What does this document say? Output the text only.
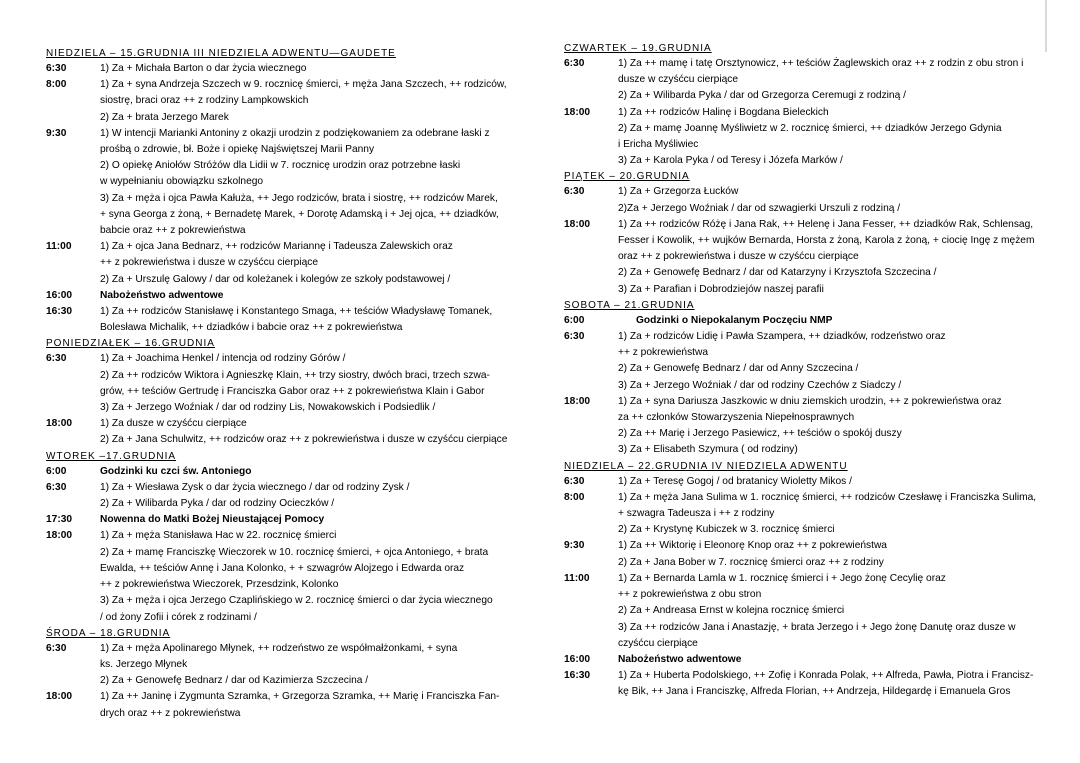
NIEDZIELA – 15.GRUDNIA III NIEDZIELA ADWENTU—GAUDETE
6:30	1) Za + Michała Barton o dar życia wiecznego
8:00	1) Za + syna Andrzeja Szczech w 9. rocznicę śmierci, + męża Jana Szczech, ++ rodziców,
siostrę, braci oraz ++ z rodziny Lampkowskich
2) Za + brata Jerzego Marek
9:30	1) W intencji Marianki Antoniny z okazji urodzin z podziękowaniem za odebrane łaski z
prośbą o zdrowie, bł. Boże i opiekę Najświętszej Marii Panny
2) O opiekę Aniołów Stróżów dla Lidii w 7. rocznicę urodzin oraz potrzebne łaski
w wypełnianiu obowiązku szkolnego
3) Za + męża i ojca Pawła Kałuża, ++ Jego rodziców, brata i siostrę, ++ rodziców Marek,
+ syna Georga z żoną, + Bernadetę Marek, + Dorotę Adamską i + Jej ojca, ++ dziadków,
babcie oraz ++ z pokrewieństwa
11:00	1) Za + ojca Jana Bednarz, ++ rodziców Mariannę i Tadeusza Zalewskich oraz
++ z pokrewieństwa i dusze w czyśćcu cierpiące
2) Za + Urszulę Galowy / dar od koleżanek i kolegów ze szkoły podstawowej /
16:00	Nabożeństwo adwentowe
16:30	1) Za ++ rodziców Stanisławę i Konstantego Smaga, ++ teściów Władysławę Tomanek,
Bolesława Michalik, ++ dziadków i babcie oraz ++ z pokrewieństwa
PONIEDZIAŁEK – 16.GRUDNIA
6:30	1) Za + Joachima Henkel / intencja od rodziny Górów /
2) Za ++ rodziców Wiktora i Agnieszkę Klain, ++ trzy siostry, dwóch braci, trzech szwa-
grów, ++ teściów Gertrudę i Franciszka Gabor oraz ++ z pokrewieństwa Klain i Gabor
3) Za + Jerzego Woźniak / dar od rodziny Lis, Nowakowskich i Podsiedlik /
18:00	1) Za dusze w czyśćcu cierpiące
2) Za + Jana Schulwitz, ++ rodziców oraz ++ z pokrewieństwa i dusze w czyśćcu cierpiące
WTOREK –17.GRUDNIA
6:00	Godzinki ku czci św. Antoniego
6:30	1) Za + Wiesława Zysk o dar życia wiecznego / dar od rodziny Zysk /
2) Za + Wilibarda Pyka / dar od rodziny Ocieczków /
17:30	Nowenna do Matki Bożej Nieustającej Pomocy
18:00	1) Za + męża Stanisława Hac w 22. rocznicę śmierci
2) Za + mamę Franciszkę Wieczorek w 10. rocznicę śmierci, + ojca Antoniego, + brata
Ewalda, ++ teściów Annę i Jana Kolonko, + + szwagrów Alojzego i Edwarda oraz
++ z pokrewieństwa Wieczorek, Przesdzink, Kolonko
3) Za + męża i ojca Jerzego Czaplińskiego w 2. rocznicę śmierci o dar życia wiecznego
/ od żony Zofii i córek z rodzinami /
ŚRODA – 18.GRUDNIA
6:30	1) Za + męża Apolinarego Młynek, ++ rodzeństwo ze współmałżonkami, + syna
ks. Jerzego Młynek
2) Za + Genowefę Bednarz / dar od Kazimierza Szczecina /
18:00	1) Za ++ Janinę i Zygmunta Szramka, + Grzegorza Szramka, ++ Marię i Franciszka Fan-
drych oraz ++ z pokrewieństwa
CZWARTEK – 19.GRUDNIA
6:30	1) Za ++ mamę i tatę Orsztynowicz, ++ teściów Żaglewskich oraz ++ z rodzin z obu stron i
dusze w czyśćcu cierpiące
2) Za + Wilibarda Pyka / dar od Grzegorza Ceremugi z rodziną /
18:00	1) Za ++ rodziców Halinę i Bogdana Bieleckich
2) Za + mamę Joannę Myśliwietz w 2. rocznicę śmierci, ++ dziadków Jerzego Gdynia
i Ericha Myśliwiec
3) Za + Karola Pyka / od Teresy i Józefa Marków /
PIĄTEK – 20.GRUDNIA
6:30	1) Za + Grzegorza Łucków
2)Za + Jerzego Woźniak / dar od szwagierki Urszuli z rodziną /
18:00	1) Za ++ rodziców Różę i Jana Rak, ++ Helenę i Jana Fesser, ++ dziadków Rak, Schlensag,
Fesser i Kowolik, ++ wujków Bernarda, Horsta z żoną, Karola z żoną, + ciocię Ingę z mężem
oraz ++ z pokrewieństwa i dusze w czyśćcu cierpiące
2) Za + Genowefę Bednarz / dar od Katarzyny i Krzysztofa Szczecina /
3) Za + Parafian i Dobrodziejów naszej parafii
SOBOTA – 21.GRUDNIA
6:00	Godzinki o Niepokalanym Poczęciu NMP
6:30	1) Za + rodziców Lidię i Pawła Szampera, ++ dziadków, rodzeństwo oraz
++ z pokrewieństwa
2) Za + Genowefę Bednarz / dar od Anny Szczecina /
3) Za + Jerzego Woźniak / dar od rodziny Czechów z Siadczy /
18:00	1) Za + syna Dariusza Jaszkowic w dniu ziemskich urodzin, ++ z pokrewieństwa oraz
za ++ członków Stowarzyszenia Niepełnosprawnych
2) Za ++ Marię i Jerzego Pasiewicz, ++ teściów o spokój duszy
3) Za + Elisabeth Szymura ( od rodziny)
NIEDZIELA – 22.GRUDNIA IV NIEDZIELA ADWENTU
6:30	1) Za + Teresę Gogoj / od bratanicy Wioletty Mikos /
8:00	1) Za + męża Jana Sulima w 1. rocznicę śmierci, ++ rodziców Czesławę i Franciszka Sulima,
+ szwagra Tadeusza i ++ z rodziny
2) Za + Krystynę Kubiczek w 3. rocznicę śmierci
9:30	1) Za ++ Wiktorię i Eleonorę Knop oraz ++ z pokrewieństwa
2) Za + Jana Bober w 7. rocznicę śmierci oraz ++ z rodziny
11:00	1) Za + Bernarda Lamla w 1. rocznicę śmierci i + Jego żonę Cecylię oraz
++ z pokrewieństwa z obu stron
2) Za + Andreasa Ernst w kolejna rocznicę śmierci
3) Za ++ rodziców Jana i Anastazję, + brata Jerzego i + Jego żonę Danutę oraz dusze w
czyśćcu cierpiące
16:00	Nabożeństwo adwentowe
16:30	1) Za + Huberta Podolskiego, ++ Zofię i Konrada Polak, ++ Alfreda, Pawła, Piotra i Francisz-
kę Bik, ++ Jana i Franciszkę, Alfreda Florian, ++ Andrzeja, Hildegardę i Emanuela Gros
